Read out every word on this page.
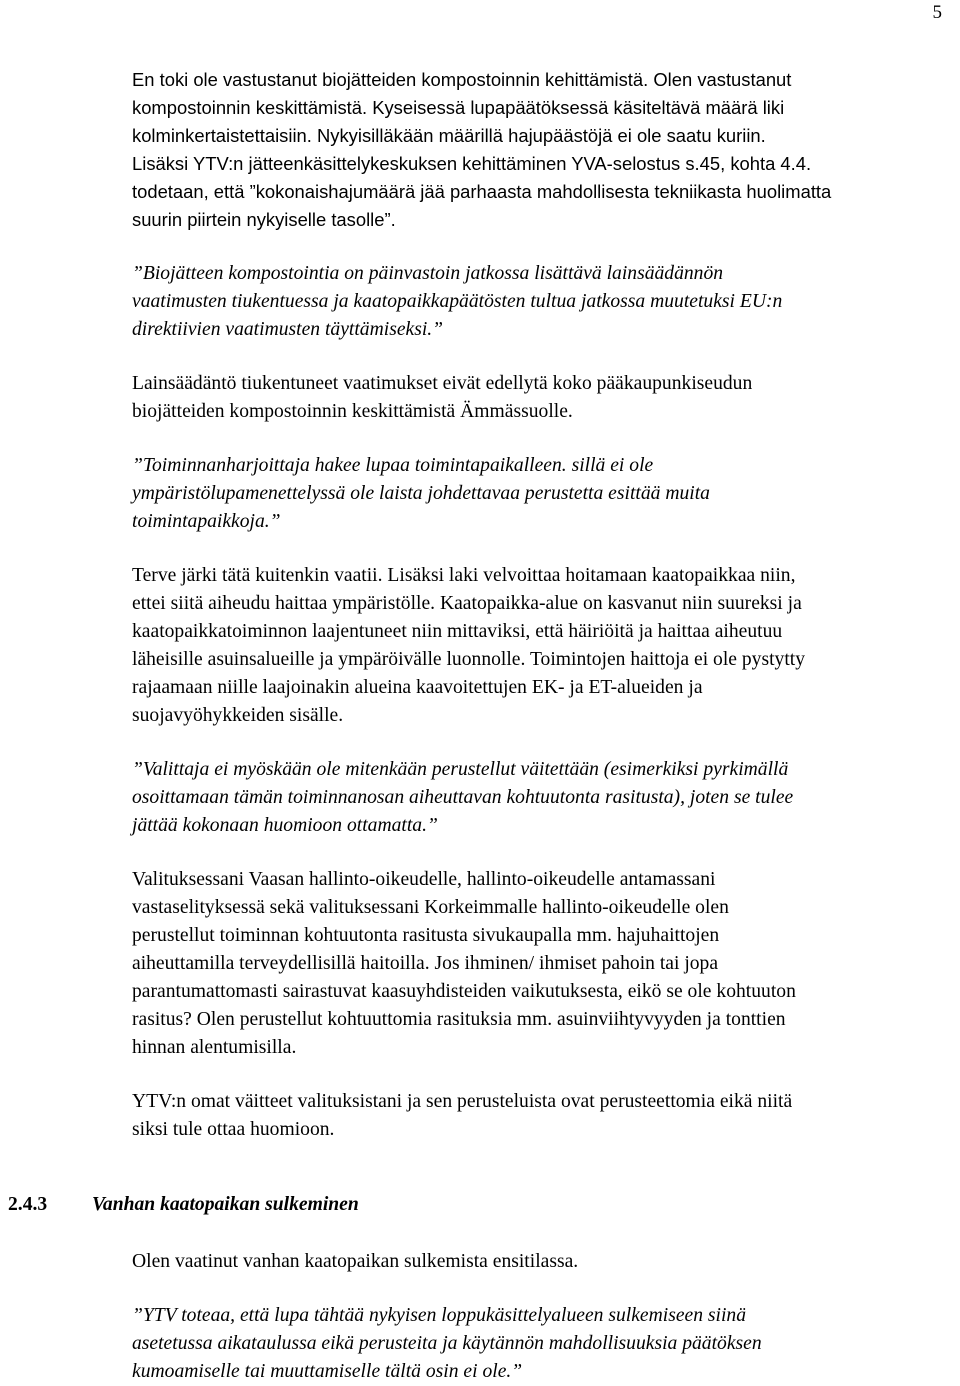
5
En toki ole vastustanut biojätteiden kompostoinnin kehittämistä. Olen vastustanut
kompostoinnin keskittämistä. Kyseisessä lupapäätöksessä käsiteltävä määrä liki
kolminkertaistettaisiin. Nykyisilläkään määrillä hajupäästöjä ei ole saatu kuriin.
Lisäksi YTV:n jätteenkäsittelykeskuksen kehittäminen YVA-selostus s.45, kohta 4.4.
todetaan, että ”kokonaishajumäärä jää parhaasta mahdollisesta tekniikasta huolimatta
suurin piirtein nykyiselle tasolle”.
”Biojätteen kompostointia on päinvastoin jatkossa lisättävä lainsäädännön
vaatimusten tiukentuessa ja kaatopaikkapäätösten tultua jatkossa muutetuksi EU:n
direktiivien vaatimusten täyttämiseksi.”
Lainsäädäntö tiukentuneet vaatimukset eivät edellytä koko pääkaupunkiseudun
biojätteiden kompostoinnin keskittämistä Ämmässuolle.
”Toiminnanharjoittaja hakee lupaa toimintapaikalleen. sillä ei ole
ympäristölupamenettelyssä ole laista johdettavaa perustetta esittää muita
toimintapaikkoja.”
Terve järki tätä kuitenkin vaatii. Lisäksi laki velvoittaa hoitamaan kaatopaikkaa niin,
ettei siitä aiheudu haittaa ympäristölle. Kaatopaikka-alue on kasvanut niin suureksi ja
kaatopaikkatoiminnon laajentuneet niin mittaviksi, että häiriöitä ja haittaa aiheutuu
läheisille asuinsalueille ja ympäröivälle luonnolle. Toimintojen haittoja ei ole pystytty
rajaamaan niille laajoinakin alueina kaavoitettujen EK- ja ET-alueiden ja
suojavyöhykkeiden sisälle.
”Valittaja ei myöskään ole mitenkään perustellut väitettään (esimerkiksi pyrkimällä
osoittamaan tämän toiminnanosan aiheuttavan kohtuutonta rasitusta), joten se tulee
jättää kokonaan huomioon ottamatta.”
Valituksessani Vaasan hallinto-oikeudelle, hallinto-oikeudelle antamassani
vastaselityksessä sekä valituksessani Korkeimmalle hallinto-oikeudelle olen
perustellut toiminnan kohtuutonta rasitusta sivukaupalla mm. hajuhaittojen
aiheuttamilla terveydellisillä haitoilla. Jos ihminen/ ihmiset pahoin tai jopa
parantumattomasti sairastuvat kaasuyhdisteiden vaikutuksesta, eikö se ole kohtuuton
rasitus? Olen perustellut kohtuuttomia rasituksia mm. asuinviihtyvyyden ja tonttien
hinnan alentumisilla.
YTV:n omat väitteet valituksistani ja sen perusteluista ovat perusteettomia eikä niitä
siksi tule ottaa huomioon.
2.4.3 Vanhan kaatopaikan sulkeminen
Olen vaatinut vanhan kaatopaikan sulkemista ensitilassa.
”YTV toteaa, että lupa tähtää nykyisen loppukäsittelyalueen sulkemiseen siinä
asetetussa aikataulussa eikä perusteita ja käytännön mahdollisuuksia päätöksen
kumoamiselle tai muuttamiselle tältä osin ei ole.”
